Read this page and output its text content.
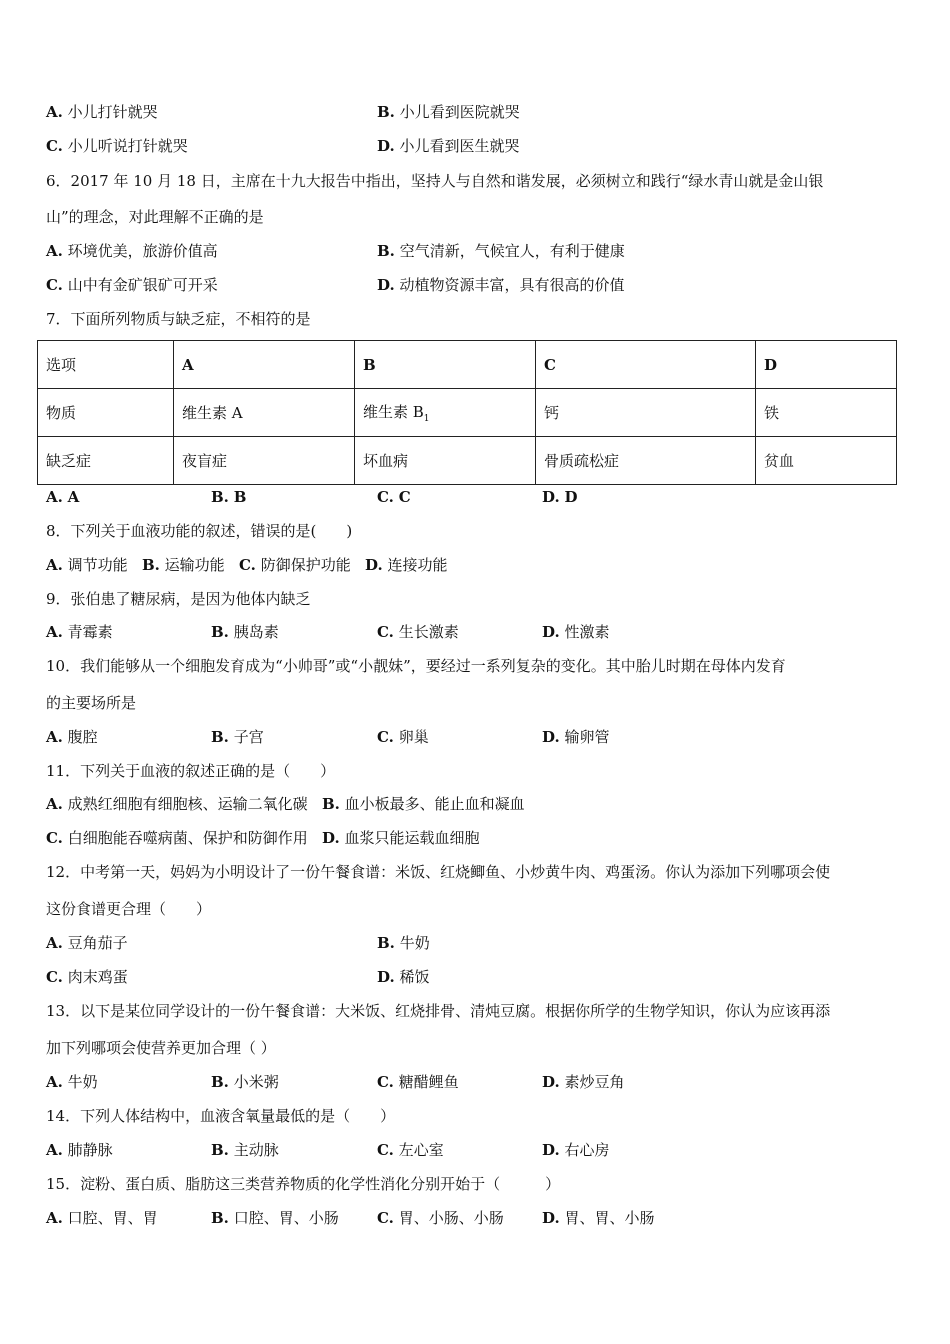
A. 小儿打针就哭	B. 小儿看到医院就哭
C. 小儿听说打针就哭	D. 小儿看到医生就哭
6．2017 年 10 月 18 日，主席在十九大报告中指出，坚持人与自然和谐发展，必须树立和践行“绿水青山就是金山银
山”的理念，对此理解不正确的是
A. 环境优美，旅游价值高	B. 空气清新，气候宜人，有利于健康
C. 山中有金矿银矿可开采	D. 动植物资源丰富，具有很高的价值
7．下面所列物质与缺乏症，不相符的是
选项	A	B	C	D
物质	维生素 A	维生素 $B_1$	钙	铁
缺乏症	夜盲症	坏血病	骨质疏松症	贫血
A. A	B. B	C. C	D. D
8．下列关于血液功能的叙述，错误的是(　　)
A. 调节功能 B. 运输功能 C. 防御保护功能 D. 连接功能
9．张伯患了糖尿病，是因为他体内缺乏
A. 青霉素	B. 胰岛素	C. 生长激素	D. 性激素
10．我们能够从一个细胞发育成为“小帅哥”或“小靓妹”，要经过一系列复杂的变化。其中胎儿时期在母体内发育
的主要场所是
A. 腹腔	B. 子宫	C. 卵巢	D. 输卵管
11．下列关于血液的叙述正确的是（　　）
A. 成熟红细胞有细胞核、运输二氧化碳 B. 血小板最多、能止血和凝血
C. 白细胞能吞噬病菌、保护和防御作用 D. 血浆只能运载血细胞
12．中考第一天，妈妈为小明设计了一份午餐食谱：米饭、红烧鲫鱼、小炒黄牛肉、鸡蛋汤。你认为添加下列哪项会使
这份食谱更合理（　　）
A. 豆角茄子	B. 牛奶
C. 肉末鸡蛋	D. 稀饭
13．以下是某位同学设计的一份午餐食谱：大米饭、红烧排骨、清炖豆腐。根据你所学的生物学知识，你认为应该再添
加下列哪项会使营养更加合理（ ）
A. 牛奶	B. 小米粥	C. 糖醋鲤鱼	D. 素炒豆角
14．下列人体结构中，血液含氧量最低的是（　　）
A. 肺静脉	B. 主动脉	C. 左心室	D. 右心房
15．淀粉、蛋白质、脂肪这三类营养物质的化学性消化分别开始于（　　　）
A. 口腔、胃、胃	B. 口腔、胃、小肠	C. 胃、小肠、小肠	D. 胃、胃、小肠
